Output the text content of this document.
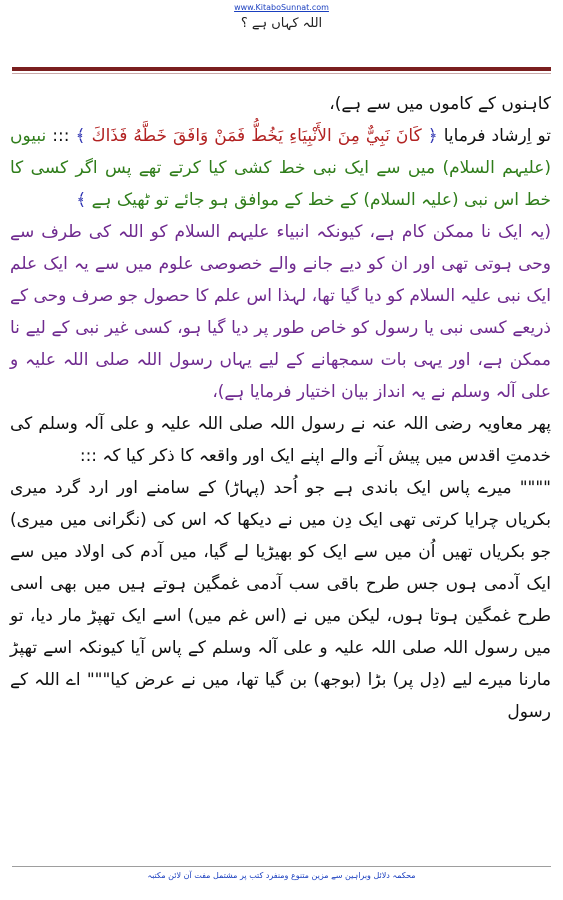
www.KitaboSunnat.com
اللہ کہاں ہے ؟

کاہنوں کے کاموں میں سے ہے)،

تو اِرشاد فرمایا ﴿ كَانَ نَبِيٌّ مِنَ الأَنْبِيَاءِ يَخُطُّ فَمَنْ وَافَقَ خَطَّهُ فَذَاكَ ﴾ ::: نبیوں (علیہم السلام) میں سے ایک نبی خط کشی کیا کرتے تھے پس اگر کسی کا خط اس نبی (علیہ السلام) کے خط کے موافق ہو جائے تو ٹھیک ہے ﴾

(یہ ایک نا ممکن کام ہے، کیونکہ انبیاء علیہم السلام کو اللہ کی طرف سے وحی ہوتی تھی اور ان کو دیے جانے والے خصوصی علوم میں سے یہ ایک علم ایک نبی علیہ السلام کو دیا گیا تھا، لہذا اس علم کا حصول جو صرف وحی کے ذریعے کسی نبی یا رسول کو خاص طور پر دیا گیا ہو، کسی غیر نبی کے لیے نا ممکن ہے، اور یہی بات سمجھانے کے لیے یہاں رسول اللہ صلی اللہ علیہ و علی آلہ وسلم نے یہ انداز بیان اختیار فرمایا ہے)،

پھر معاویہ رضی اللہ عنہ نے رسول اللہ صلی اللہ علیہ و علی آلہ وسلم کی خدمتِ اقدس میں پیش آنے والے اپنے ایک اور واقعہ کا ذکر کیا کہ :::

"""" میرے پاس ایک باندی ہے جو اُحد (پہاڑ) کے سامنے اور ارد گرد میری بکریاں چرایا کرتی تھی ایک دِن میں نے دیکھا کہ اس کی (نگرانی میں میری) جو بکریاں تھیں اُن میں سے ایک کو بھیڑیا لے گیا، میں آدم کی اولاد میں سے ایک آدمی ہوں جس طرح باقی سب آدمی غمگین ہوتے ہیں میں بھی اسی طرح غمگین ہوتا ہوں، لیکن میں نے (اس غم میں) اسے ایک تھپڑ مار دیا، تو میں رسول اللہ صلی اللہ علیہ و علی آلہ وسلم کے پاس آیا کیونکہ اسے تھپڑ مارنا میرے لیے (دِل پر) بڑا (بوجھ) بن گیا تھا، میں نے عرض کیا""" اے اللہ کے رسول

محکمہ دلائل وبراہین سے مزین متنوع ومنفرد کتب پر مشتمل مفت آن لائن مکتبہ
